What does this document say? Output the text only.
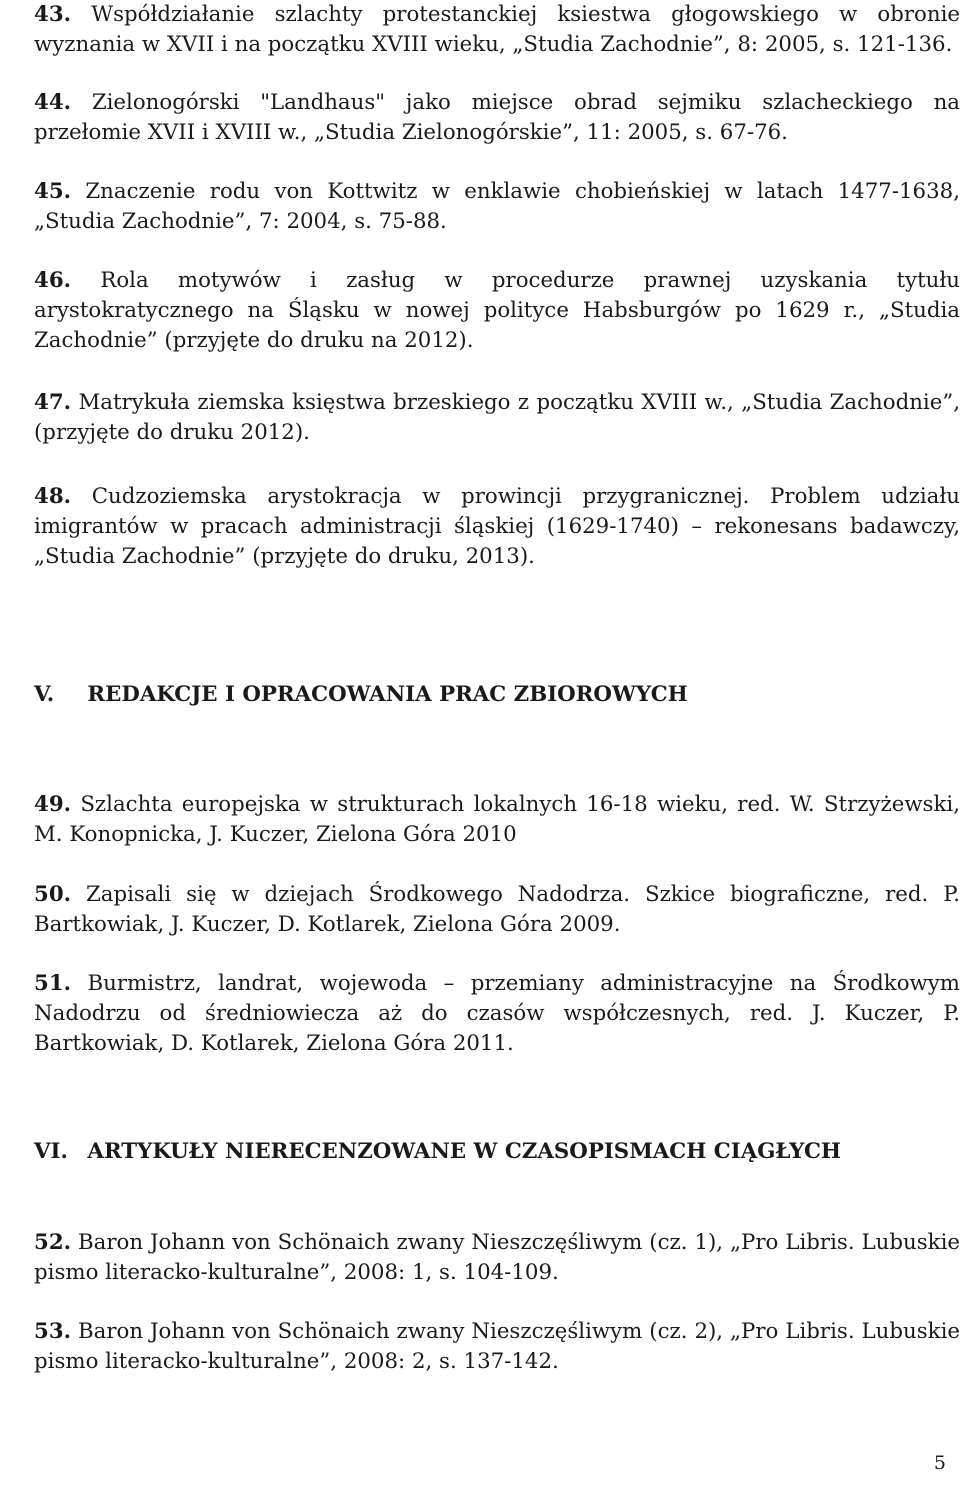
43. Współdziałanie szlachty protestanckiej ksiestwa głogowskiego w obronie wyznania w XVII i na początku XVIII wieku, „Studia Zachodnie”, 8: 2005, s. 121-136.
44. Zielonogórski "Landhaus" jako miejsce obrad sejmiku szlacheckiego na przełomie XVII i XVIII w., „Studia Zielonogórskie”, 11: 2005, s. 67-76.
45. Znaczenie rodu von Kottwitz w enklawie chobieńskiej w latach 1477-1638, „Studia Zachodnie”, 7: 2004, s. 75-88.
46. Rola motywów i zasług w procedurze prawnej uzyskania tytułu arystokratycznego na Śląsku w nowej polityce Habsburgów po 1629 r., „Studia Zachodnie” (przyjęte do druku na 2012).
47. Matrykuła ziemska księstwa brzeskiego z początku XVIII w., „Studia Zachodnie”, (przyjęte do druku 2012).
48. Cudzoziemska arystokracja w prowincji przygranicznej. Problem udziału imigrantów w pracach administracji śląskiej (1629-1740) – rekonesans badawczy, „Studia Zachodnie” (przyjęte do druku, 2013).
V. REDAKCJE I OPRACOWANIA PRAC ZBIOROWYCH
49. Szlachta europejska w strukturach lokalnych 16-18 wieku, red. W. Strzyżewski, M. Konopnicka, J. Kuczer, Zielona Góra 2010
50. Zapisali się w dziejach Środkowego Nadodrza. Szkice biograficzne, red. P. Bartkowiak, J. Kuczer, D. Kotlarek, Zielona Góra 2009.
51. Burmistrz, landrat, wojewoda – przemiany administracyjne na Środkowym Nadodrzu od średniowiecza aż do czasów współczesnych, red. J. Kuczer, P. Bartkowiak, D. Kotlarek, Zielona Góra 2011.
VI. ARTYKUŁY NIERECENZOWANE W CZASOPISMACH CIĄGŁYCH
52. Baron Johann von Schönaich zwany Nieszczęśliwym (cz. 1), „Pro Libris. Lubuskie pismo literacko-kulturalne”, 2008: 1, s. 104-109.
53. Baron Johann von Schönaich zwany Nieszczęśliwym (cz. 2), „Pro Libris. Lubuskie pismo literacko-kulturalne”, 2008: 2, s. 137-142.
5
